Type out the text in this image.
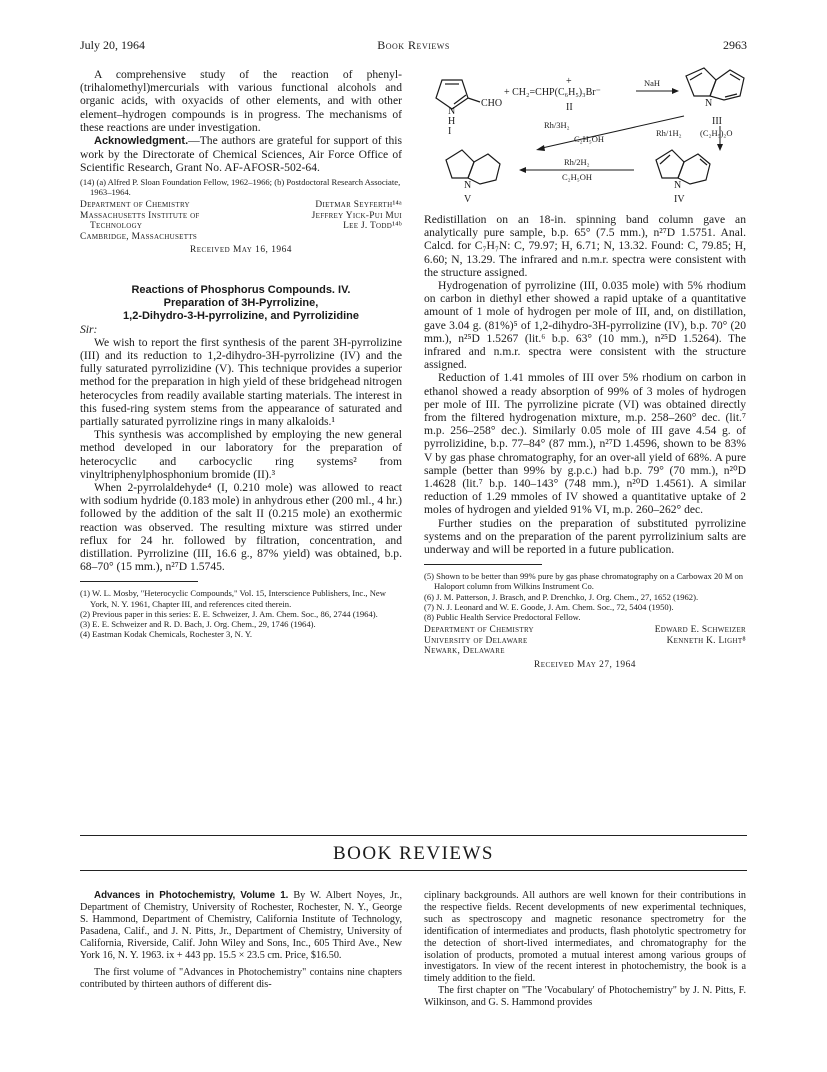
July 20, 1964	Book Reviews	2963

A comprehensive study of the reaction of phenyl-(trihalomethyl)mercurials with various functional alcohols and organic acids, with oxyacids of other elements, and with other element–hydrogen compounds is in progress. The mechanisms of these reactions are under investigation.

Acknowledgment.—The authors are grateful for support of this work by the Directorate of Chemical Sciences, Air Force Office of Scientific Research, Grant No. AF-AFOSR-502-64.

(14) (a) Alfred P. Sloan Foundation Fellow, 1962–1966; (b) Postdoctoral Research Associate, 1963–1964.

Department of Chemistry	Dietmar Seyferth¹⁴ᵃ
Massachusetts Institute of	Jeffrey Yick-Pui Mui
Technology	Lee J. Todd¹⁴ᵇ
Cambridge, Massachusetts
Received May 16, 1964
Reactions of Phosphorus Compounds. IV.
Preparation of 3H-Pyrrolizine,
1,2-Dihydro-3-H-pyrrolizine, and Pyrrolizidine

Sir:

We wish to report the first synthesis of the parent 3H-pyrrolizine (III) and its reduction to 1,2-dihydro-3H-pyrrolizine (IV) and the fully saturated pyrrolizidine (V). This technique provides a superior method for the preparation in high yield of these bridgehead nitrogen heterocycles from readily available starting materials. The interest in this fused-ring system stems from the appearance of saturated and partially saturated pyrrolizine rings in many alkaloids.¹

This synthesis was accomplished by employing the new general method developed in our laboratory for the preparation of heterocyclic and carbocyclic ring systems² from vinyltriphenylphosphonium bromide (II).³

When 2-pyrrolaldehyde⁴ (I, 0.210 mole) was allowed to react with sodium hydride (0.183 mole) in anhydrous ether (200 ml., 4 hr.) followed by the addition of the salt II (0.215 mole) an exothermic reaction was observed. The resulting mixture was stirred under reflux for 24 hr. followed by filtration, concentration, and distillation. Pyrrolizine (III, 16.6 g., 87% yield) was obtained, b.p. 68–70° (15 mm.), n²⁷D 1.5745.

(1) W. L. Mosby, "Heterocyclic Compounds," Vol. 15, Interscience Publishers, Inc., New York, N. Y. 1961, Chapter III, and references cited therein.

(2) Previous paper in this series: E. E. Schweizer, J. Am. Chem. Soc., 86, 2744 (1964).

(3) E. E. Schweizer and R. D. Bach, J. Org. Chem., 29, 1746 (1964).

(4) Eastman Kodak Chemicals, Rochester 3, N. Y.

N
H
CHO
I
+ CH₂=CHP(C₆H₅)₃Br⁻
+
II
NaH
N
III
Rh/3H₂
C₂H₅OH
Rh/1H₂ (C₂H₅)₂O
N
V
Rh/2H₂
C₂H₅OH
N
IV

Redistillation on an 18-in. spinning band column gave an analytically pure sample, b.p. 65° (7.5 mm.), n²⁷D 1.5751. Anal. Calcd. for C₇H₇N: C, 79.97; H, 6.71; N, 13.32. Found: C, 79.85; H, 6.60; N, 13.29. The infrared and n.m.r. spectra were consistent with the structure assigned.

Hydrogenation of pyrrolizine (III, 0.035 mole) with 5% rhodium on carbon in diethyl ether showed a rapid uptake of a quantitative amount of 1 mole of hydrogen per mole of III, and, on distillation, gave 3.04 g. (81%)⁵ of 1,2-dihydro-3H-pyrrolizine (IV), b.p. 70° (20 mm.), n²⁵D 1.5267 (lit.⁶ b.p. 63° (10 mm.), n²⁵D 1.5264). The infrared and n.m.r. spectra were consistent with the structure assigned.

Reduction of 1.41 mmoles of III over 5% rhodium on carbon in ethanol showed a ready absorption of 99% of 3 moles of hydrogen per mole of III. The pyrrolizine picrate (VI) was obtained directly from the filtered hydrogenation mixture, m.p. 258–260° dec. (lit.⁷ m.p. 256–258° dec.). Similarly 0.05 mole of III gave 4.54 g. of pyrrolizidine, b.p. 77–84° (87 mm.), n²⁷D 1.4596, shown to be 83% V by gas phase chromatography, for an over-all yield of 68%. A pure sample (better than 99% by g.p.c.) had b.p. 79° (70 mm.), n²⁰D 1.4628 (lit.⁷ b.p. 140–143° (748 mm.), n²⁰D 1.4561). A similar reduction of 1.29 mmoles of IV showed a quantitative uptake of 2 moles of hydrogen and yielded 91% VI, m.p. 260–262° dec.

Further studies on the preparation of substituted pyrrolizine systems and on the preparation of the parent pyrrolizinium salts are underway and will be reported in a future publication.

(5) Shown to be better than 99% pure by gas phase chromatography on a Carbowax 20 M on Haloport column from Wilkins Instrument Co.

(6) J. M. Patterson, J. Brasch, and P. Drenchko, J. Org. Chem., 27, 1652 (1962).

(7) N. J. Leonard and W. E. Goode, J. Am. Chem. Soc., 72, 5404 (1950).

(8) Public Health Service Predoctoral Fellow.

Department of Chemistry	Edward E. Schweizer
University of Delaware	Kenneth K. Light⁸
Newark, Delaware
Received May 27, 1964
BOOK REVIEWS

Advances in Photochemistry, Volume 1. By W. Albert Noyes, Jr., Department of Chemistry, University of Rochester, Rochester, N. Y., George S. Hammond, Department of Chemistry, California Institute of Technology, Pasadena, Calif., and J. N. Pitts, Jr., Department of Chemistry, University of California, Riverside, Calif. John Wiley and Sons, Inc., 605 Third Ave., New York 16, N. Y. 1963. ix + 443 pp. 15.5 × 23.5 cm. Price, $16.50.

The first volume of "Advances in Photochemistry" contains nine chapters contributed by thirteen authors of different dis-

ciplinary backgrounds. All authors are well known for their contributions in the respective fields. Recent developments of new experimental techniques, such as spectroscopy and magnetic resonance spectrometry for the identification of intermediates and products, flash photolytic spectrometry for the detection of short-lived intermediates, and chromatography for the isolation of products, promoted a mutual interest among various groups of investigators. In view of the recent interest in photochemistry, the book is a timely addition to the field.

The first chapter on "The 'Vocabulary' of Photochemistry" by J. N. Pitts, F. Wilkinson, and G. S. Hammond provides
